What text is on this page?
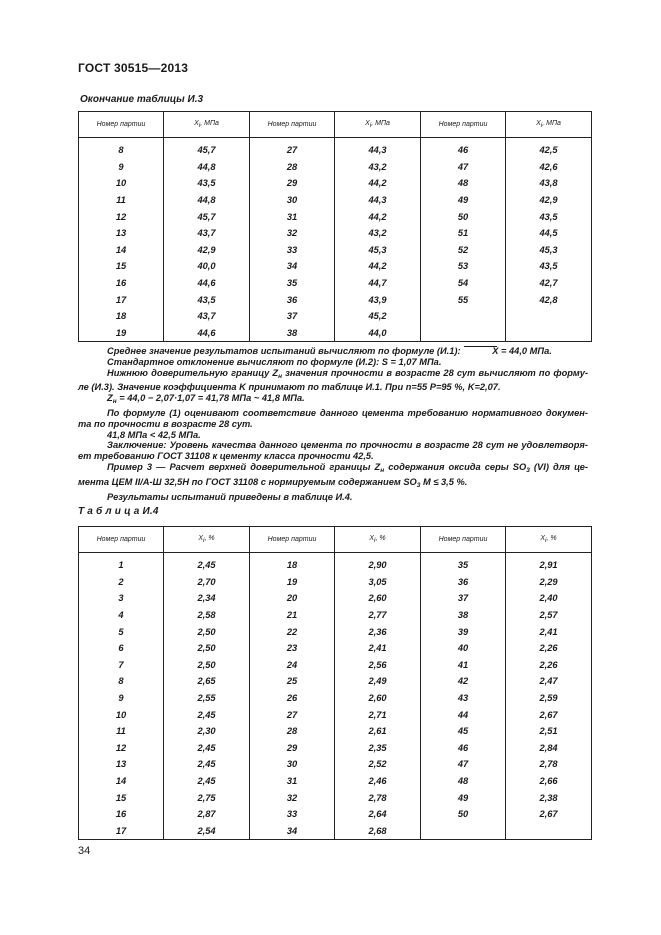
ГОСТ 30515—2013
Окончание таблицы И.3
Номер партии	$X_i$, МПа	Номер партии	$X_i$, МПа	Номер партии	$X_i$, МПа
8	45,7	27	44,3	46	42,5
9	44,8	28	43,2	47	42,6
10	43,5	29	44,2	48	43,8
11	44,8	30	44,3	49	42,9
12	45,7	31	44,2	50	43,5
13	43,7	32	43,2	51	44,5
14	42,9	33	45,3	52	45,3
15	40,0	34	44,2	53	43,5
16	44,6	35	44,7	54	42,7
17	43,5	36	43,9	55	42,8
18	43,7	37	45,2		
19	44,6	38	44,0		

Среднее значение результатов испытаний вычисляют по формуле (И.1):	X = 44,0 МПа.

Стандартное отклонение вычисляют по формуле (И.2): S = 1,07 МПа.

Нижнюю доверительную границу $Z_н$ значения прочности в возрасте 28 сут вычисляют по форму-ле (И.3). Значение коэффициента K принимают по таблице И.1. При n=55 P=95 %, K=2,07.

$Z_н = 44,0 - 2,07\cdot 1,07 = 41,78$ МПа ~ 41,8 МПа.

По формуле (1) оценивают соответствие данного цемента требованию нормативного докумен-та по прочности в возрасте 28 сут.

41,8 МПа < 42,5 МПа.

Заключение: Уровень качества данного цемента по прочности в возрасте 28 сут не удовлетворя-ет требованию ГОСТ 31108 к цементу класса прочности 42,5.

Пример 3 — Расчет верхней доверительной границы $Z_н$ содержания оксида серы $SO_3$ (VI) для це-мента ЦЕМ II/А-Ш 32,5Н по ГОСТ 31108 с нормируемым содержанием $SO_3$ M ≤ 3,5 %.

Результаты испытаний приведены в таблице И.4.

Т а б л и ц а И.4
Номер партии	$X_i$, %	Номер партии	$X_i$, %	Номер партии	$X_i$, %
1	2,45	18	2,90	35	2,91
2	2,70	19	3,05	36	2,29
3	2,34	20	2,60	37	2,40
4	2,58	21	2,77	38	2,57
5	2,50	22	2,36	39	2,41
6	2,50	23	2,41	40	2,26
7	2,50	24	2,56	41	2,26
8	2,65	25	2,49	42	2,47
9	2,55	26	2,60	43	2,59
10	2,45	27	2,71	44	2,67
11	2,30	28	2,61	45	2,51
12	2,45	29	2,35	46	2,84
13	2,45	30	2,52	47	2,78
14	2,45	31	2,46	48	2,66
15	2,75	32	2,78	49	2,38
16	2,87	33	2,64	50	2,67
17	2,54	34	2,68		
34
